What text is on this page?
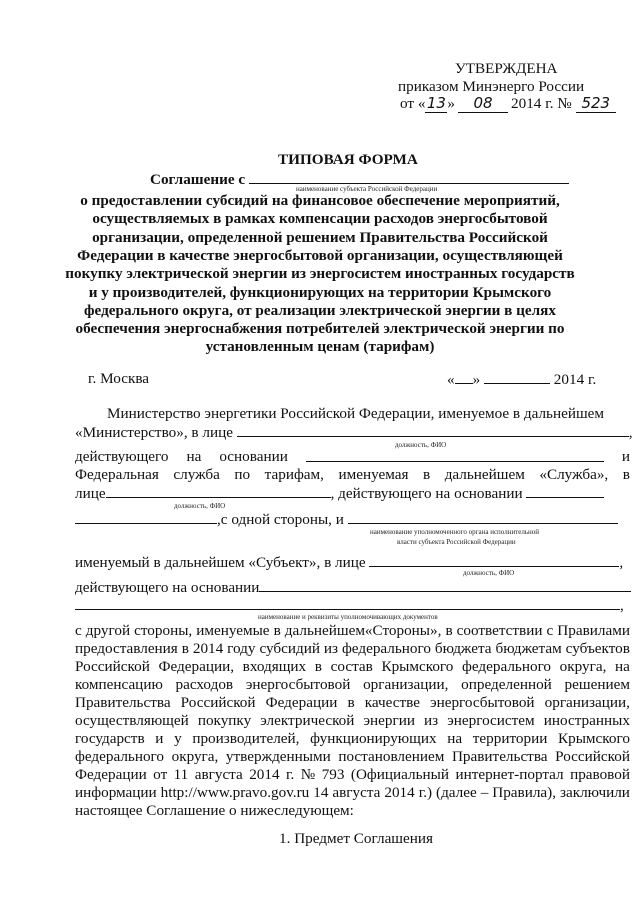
УТВЕРЖДЕНА
приказом Минэнерго России
от «13» 08 2014 г. № 523
ТИПОВАЯ ФОРМА
Соглашение с
наименование субъекта Российской Федерации
о предоставлении субсидий на финансовое обеспечение мероприятий,
осуществляемых в рамках компенсации расходов энергосбытовой
организации, определенной решением Правительства Российской
Федерации в качестве энергосбытовой организации, осуществляющей
покупку электрической энергии из энергосистем иностранных государств
и у производителей, функционирующих на территории Крымского
федерального округа, от реализации электрической энергии в целях
обеспечения энергоснабжения потребителей электрической энергии по
установленным ценам (тарифам)
г. Москва	« »	2014 г.
Министерство энергетики Российской Федерации, именуемое в дальнейшем
«Министерство», в лице	,
должность, ФИО
действующего на основании	и
Федеральная служба по тарифам, именуемая в дальнейшем «Служба», в
лице	, действующего на основании
должность, ФИО
,с одной стороны, и
наименование уполномоченного органа исполнительной
власти субъекта Российской Федерации
именуемый в дальнейшем «Субъект», в лице	,
должность, ФИО
действующего на основании
,
наименование и реквизиты уполномочивающих документов
с другой стороны, именуемые в дальнейшем«Стороны», в соответствии с Правилами
предоставления в 2014 году субсидий из федерального бюджета бюджетам субъектов
Российской Федерации, входящих в состав Крымского федерального округа, на
компенсацию расходов энергосбытовой организации, определенной решением
Правительства Российской Федерации в качестве энергосбытовой организации,
осуществляющей покупку электрической энергии из энергосистем иностранных
государств и у производителей, функционирующих на территории Крымского
федерального округа, утвержденными постановлением Правительства Российской
Федерации от 11 августа 2014 г. № 793 (Официальный интернет-портал правовой
информации http://www.pravo.gov.ru 14 августа 2014 г.) (далее – Правила), заключили
настоящее Соглашение о нижеследующем:
1. Предмет Соглашения
